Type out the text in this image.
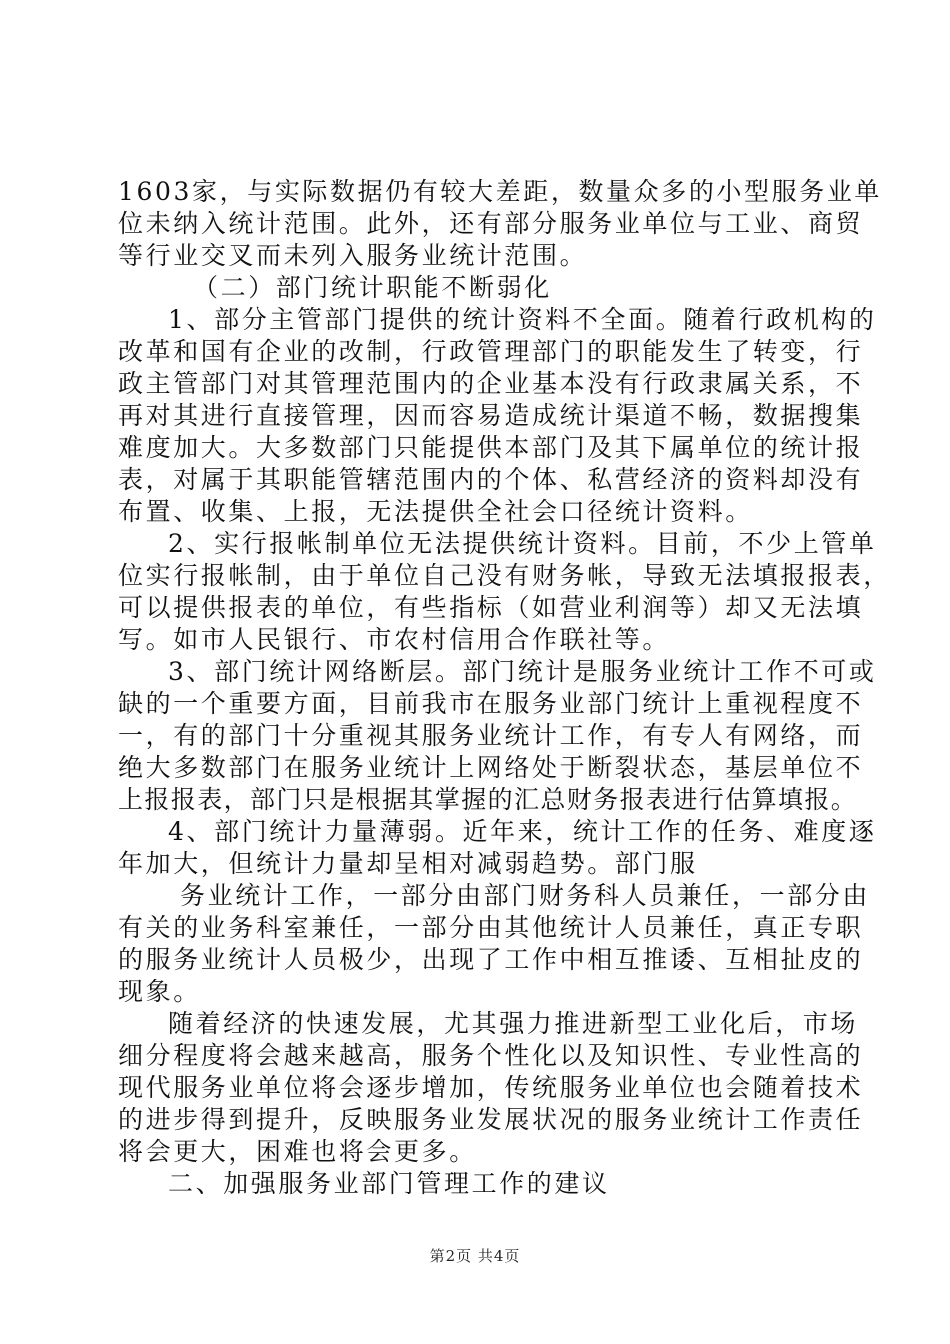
1603家，与实际数据仍有较大差距，数量众多的小型服务业单
位未纳入统计范围。此外，还有部分服务业单位与工业、商贸
等行业交叉而未列入服务业统计范围。
（二）部门统计职能不断弱化
1、部分主管部门提供的统计资料不全面。随着行政机构的
改革和国有企业的改制，行政管理部门的职能发生了转变，行
政主管部门对其管理范围内的企业基本没有行政隶属关系，不
再对其进行直接管理，因而容易造成统计渠道不畅，数据搜集
难度加大。大多数部门只能提供本部门及其下属单位的统计报
表，对属于其职能管辖范围内的个体、私营经济的资料却没有
布置、收集、上报，无法提供全社会口径统计资料。
2、实行报帐制单位无法提供统计资料。目前，不少上管单
位实行报帐制，由于单位自己没有财务帐，导致无法填报报表，
可以提供报表的单位，有些指标（如营业利润等）却又无法填
写。如市人民银行、市农村信用合作联社等。
3、部门统计网络断层。部门统计是服务业统计工作不可或
缺的一个重要方面，目前我市在服务业部门统计上重视程度不
一，有的部门十分重视其服务业统计工作，有专人有网络，而
绝大多数部门在服务业统计上网络处于断裂状态，基层单位不
上报报表，部门只是根据其掌握的汇总财务报表进行估算填报。
4、部门统计力量薄弱。近年来，统计工作的任务、难度逐
年加大，但统计力量却呈相对减弱趋势。部门服
务业统计工作，一部分由部门财务科人员兼任，一部分由
有关的业务科室兼任，一部分由其他统计人员兼任，真正专职
的服务业统计人员极少，出现了工作中相互推诿、互相扯皮的
现象。
随着经济的快速发展，尤其强力推进新型工业化后，市场
细分程度将会越来越高，服务个性化以及知识性、专业性高的
现代服务业单位将会逐步增加，传统服务业单位也会随着技术
的进步得到提升，反映服务业发展状况的服务业统计工作责任
将会更大，困难也将会更多。
二、加强服务业部门管理工作的建议
第2页 共4页
